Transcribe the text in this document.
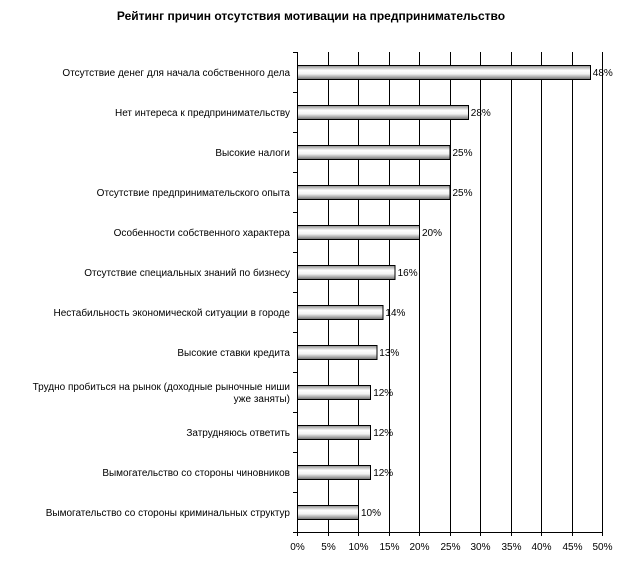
Рейтинг причин отсутствия мотивации на предпринимательство
0% 5% 10% 15% 20% 25% 30% 35% 40% 45% 50%
48%
Отсутствие денег для начала собственного дела
28%
Нет интереса к предпринимательству
25%
Высокие налоги
25%
Отсутствие предпринимательского опыта
20%
Особенности собственного характера
16%
Отсутствие специальных знаний по бизнесу
14%
Нестабильность экономической ситуации в городе
13%
Высокие ставки кредита
12%
Трудно пробиться на рынок (доходные рыночные ниши уже заняты)
12%
Затрудняюсь ответить
12%
Вымогательство со стороны чиновников
10%
Вымогательство со стороны криминальных структур
